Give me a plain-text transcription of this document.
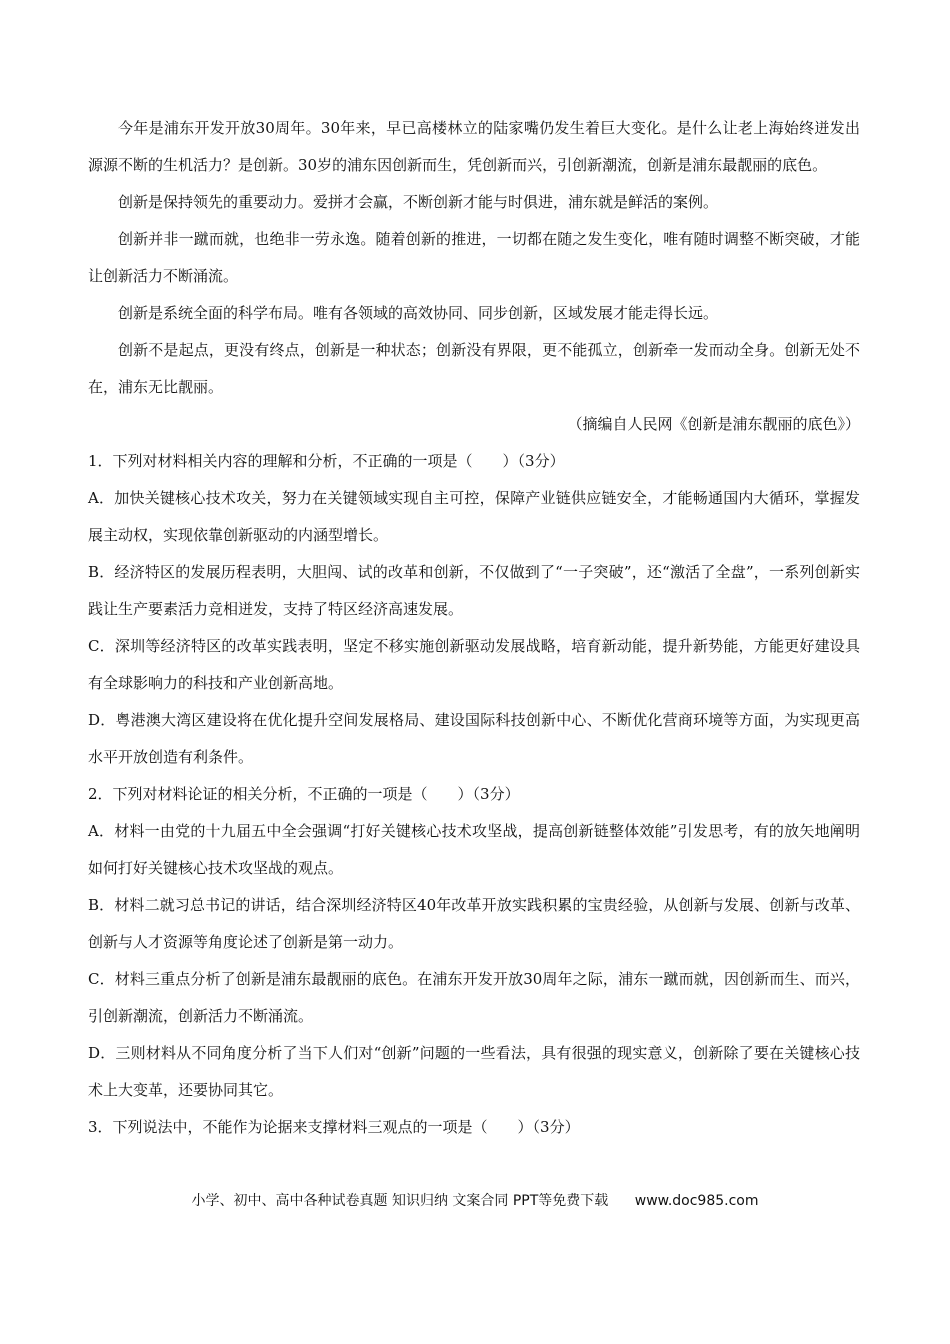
今年是浦东开发开放30周年。30年来，早已高楼林立的陆家嘴仍发生着巨大变化。是什么让老上海始终迸发出源源不断的生机活力？是创新。30岁的浦东因创新而生，凭创新而兴，引创新潮流，创新是浦东最靓丽的底色。

创新是保持领先的重要动力。爱拼才会赢，不断创新才能与时俱进，浦东就是鲜活的案例。

创新并非一蹴而就，也绝非一劳永逸。随着创新的推进，一切都在随之发生变化，唯有随时调整不断突破，才能让创新活力不断涌流。

创新是系统全面的科学布局。唯有各领域的高效协同、同步创新，区域发展才能走得长远。

创新不是起点，更没有终点，创新是一种状态；创新没有界限，更不能孤立，创新牵一发而动全身。创新无处不在，浦东无比靓丽。

（摘编自人民网《创新是浦东靓丽的底色》）

1．下列对材料相关内容的理解和分析，不正确的一项是（　　）（3分）

A．加快关键核心技术攻关，努力在关键领域实现自主可控，保障产业链供应链安全，才能畅通国内大循环，掌握发展主动权，实现依靠创新驱动的内涵型增长。

B．经济特区的发展历程表明，大胆闯、试的改革和创新，不仅做到了“一子突破”，还“激活了全盘”，一系列创新实践让生产要素活力竞相迸发，支持了特区经济高速发展。

C．深圳等经济特区的改革实践表明，坚定不移实施创新驱动发展战略，培育新动能，提升新势能，方能更好建设具有全球影响力的科技和产业创新高地。

D．粤港澳大湾区建设将在优化提升空间发展格局、建设国际科技创新中心、不断优化营商环境等方面，为实现更高水平开放创造有利条件。

2．下列对材料论证的相关分析，不正确的一项是（　　）（3分）

A．材料一由党的十九届五中全会强调“打好关键核心技术攻坚战，提高创新链整体效能”引发思考，有的放矢地阐明如何打好关键核心技术攻坚战的观点。

B．材料二就习总书记的讲话，结合深圳经济特区40年改革开放实践积累的宝贵经验，从创新与发展、创新与改革、创新与人才资源等角度论述了创新是第一动力。

C．材料三重点分析了创新是浦东最靓丽的底色。在浦东开发开放30周年之际，浦东一蹴而就，因创新而生、而兴，引创新潮流，创新活力不断涌流。

D．三则材料从不同角度分析了当下人们对“创新”问题的一些看法，具有很强的现实意义，创新除了要在关键核心技术上大变革，还要协同其它。

3．下列说法中，不能作为论据来支撑材料三观点的一项是（　　）（3分）

小学、初中、高中各种试卷真题 知识归纳 文案合同 PPT等免费下载 www.doc985.com
